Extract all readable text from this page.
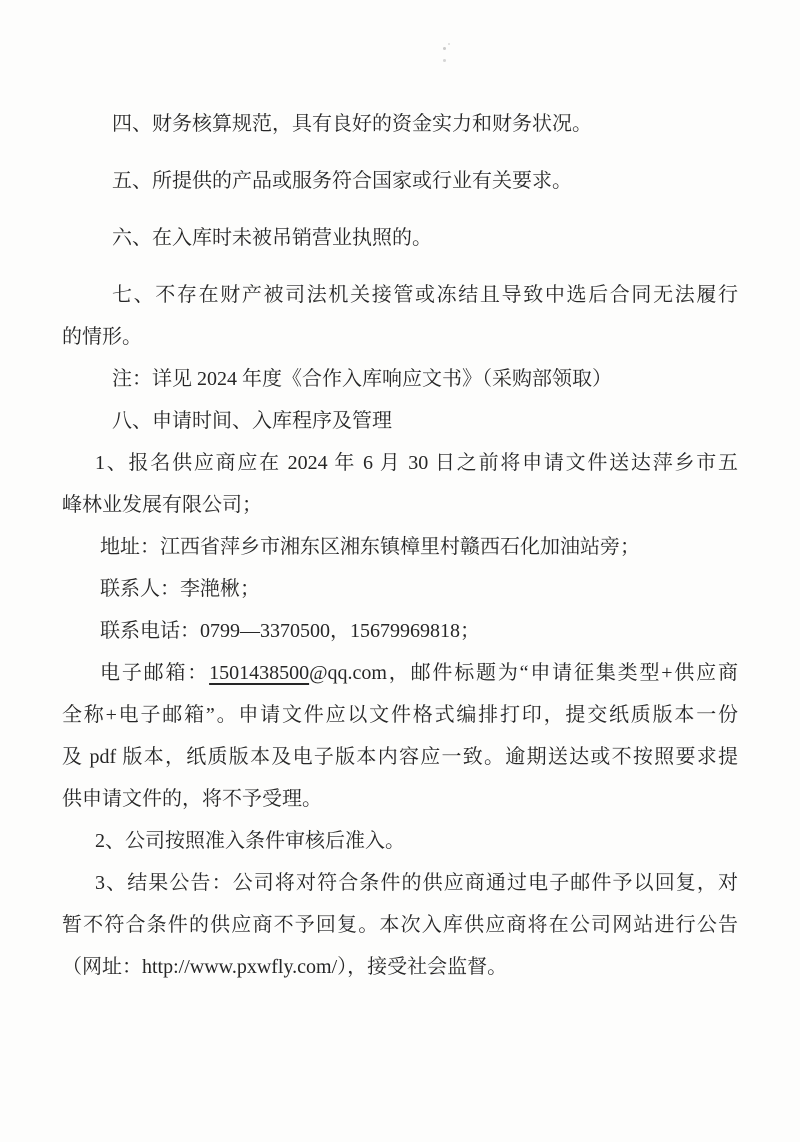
四、财务核算规范，具有良好的资金实力和财务状况。
五、所提供的产品或服务符合国家或行业有关要求。
六、在入库时未被吊销营业执照的。
七、不存在财产被司法机关接管或冻结且导致中选后合同无法履行
的情形。
注：详见 2024 年度《合作入库响应文书》（采购部领取）
八、申请时间、入库程序及管理
1、报名供应商应在 2024 年 6 月 30 日之前将申请文件送达萍乡市五
峰林业发展有限公司；
地址：江西省萍乡市湘东区湘东镇樟里村赣西石化加油站旁；
联系人：李滟楸；
联系电话：0799—3370500，15679969818；
电子邮箱：1501438500@qq.com，邮件标题为“申请征集类型+供应商
全称+电子邮箱”。申请文件应以文件格式编排打印，提交纸质版本一份
及 pdf 版本，纸质版本及电子版本内容应一致。逾期送达或不按照要求提
供申请文件的，将不予受理。
2、公司按照准入条件审核后准入。
3、结果公告：公司将对符合条件的供应商通过电子邮件予以回复，对
暂不符合条件的供应商不予回复。本次入库供应商将在公司网站进行公告
（网址：http://www.pxwfly.com/），接受社会监督。
